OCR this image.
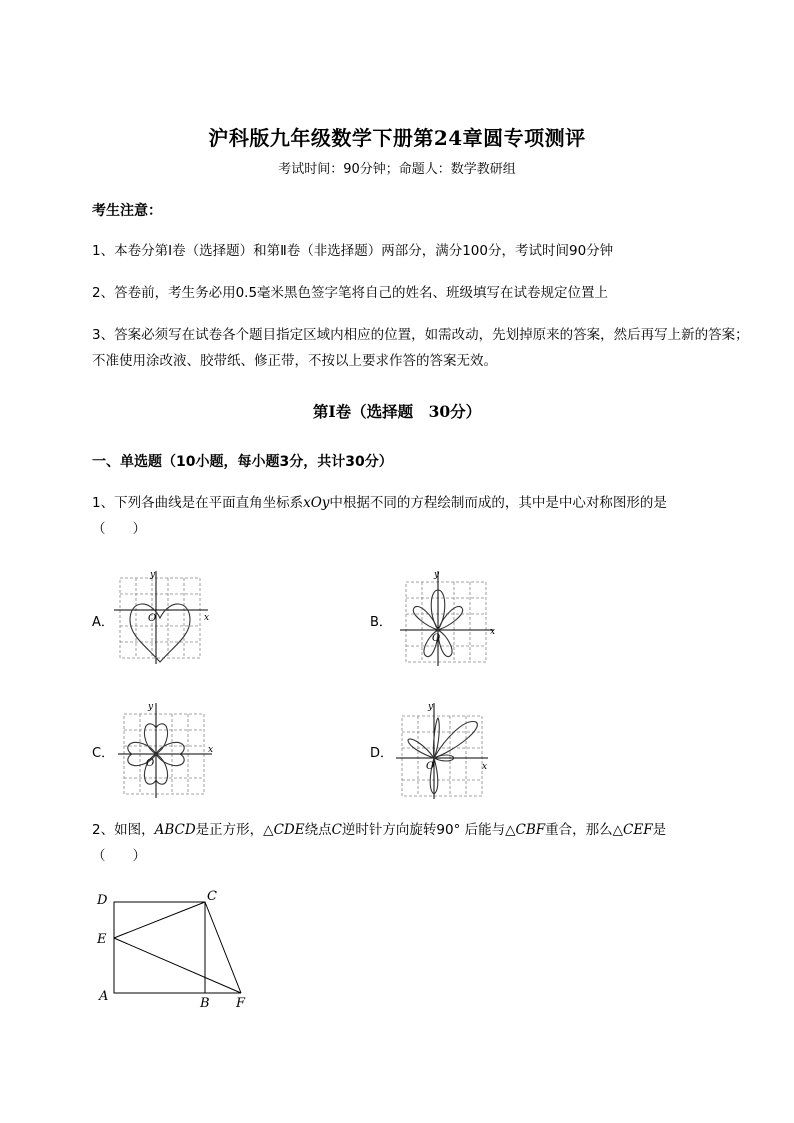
沪科版九年级数学下册第24章圆专项测评
考试时间：90分钟；命题人：数学教研组
考生注意：
1、本卷分第I卷（选择题）和第Ⅱ卷（非选择题）两部分，满分100分，考试时间90分钟
2、答卷前，考生务必用0.5毫米黑色签字笔将自己的姓名、班级填写在试卷规定位置上
3、答案必须写在试卷各个题目指定区域内相应的位置，如需改动，先划掉原来的答案，然后再写上新的答案；不准使用涂改液、胶带纸、修正带，不按以上要求作答的答案无效。
第I卷（选择题　30分）
一、单选题（10小题，每小题3分，共计30分）
1、下列各曲线是在平面直角坐标系xOy中根据不同的方程绘制而成的，其中是中心对称图形的是
（　　）
A．	B．
C．	D．
x
y
O
x
y
O
x
y
O	x
y
O
2、如图，ABCD是正方形，△CDE绕点C逆时针方向旋转90° 后能与△CBF重合，那么△CEF是
（　　）
D	C
E
A	B F
